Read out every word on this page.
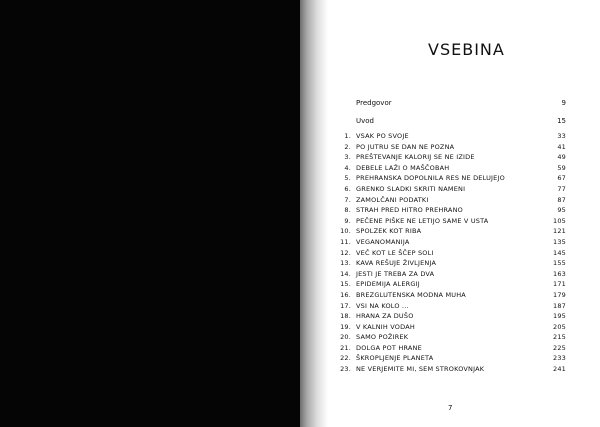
VSEBINA
Predgovor	9
Uvod	15
1. VSAK PO SVOJE	33
2. PO JUTRU SE DAN NE POZNA	41
3. PREŠTEVANJE KALORIJ SE NE IZIDE	49
4. DEBELE LAŽI O MAŠČOBAH	59
5. PREHRANSKA DOPOLNILA RES NE DELUJEJO	67
6. GRENKO SLADKI SKRITI NAMENI	77
7. ZAMOLČANI PODATKI	87
8. STRAH PRED HITRO PREHRANO	95
9. PEČENE PIŠKE NE LETIJO SAME V USTA	105
10. SPOLZEK KOT RIBA	121
11. VEGANOMANIJA	135
12. VEČ KOT LE ŠČEP SOLI	145
13. KAVA REŠUJE ŽIVLJENJA	155
14. JESTI JE TREBA ZA DVA	163
15. EPIDEMIJA ALERGIJ	171
16. BREZGLUTENSKA MODNA MUHA	179
17. VSI NA KOLO ...	187
18. HRANA ZA DUŠO	195
19. V KALNIH VODAH	205
20. SAMO POŽIREK	215
21. DOLGA POT HRANE	225
22. ŠKROPLJENJE PLANETA	233
23. NE VERJEMITE MI, SEM STROKOVNJAK	241
7
